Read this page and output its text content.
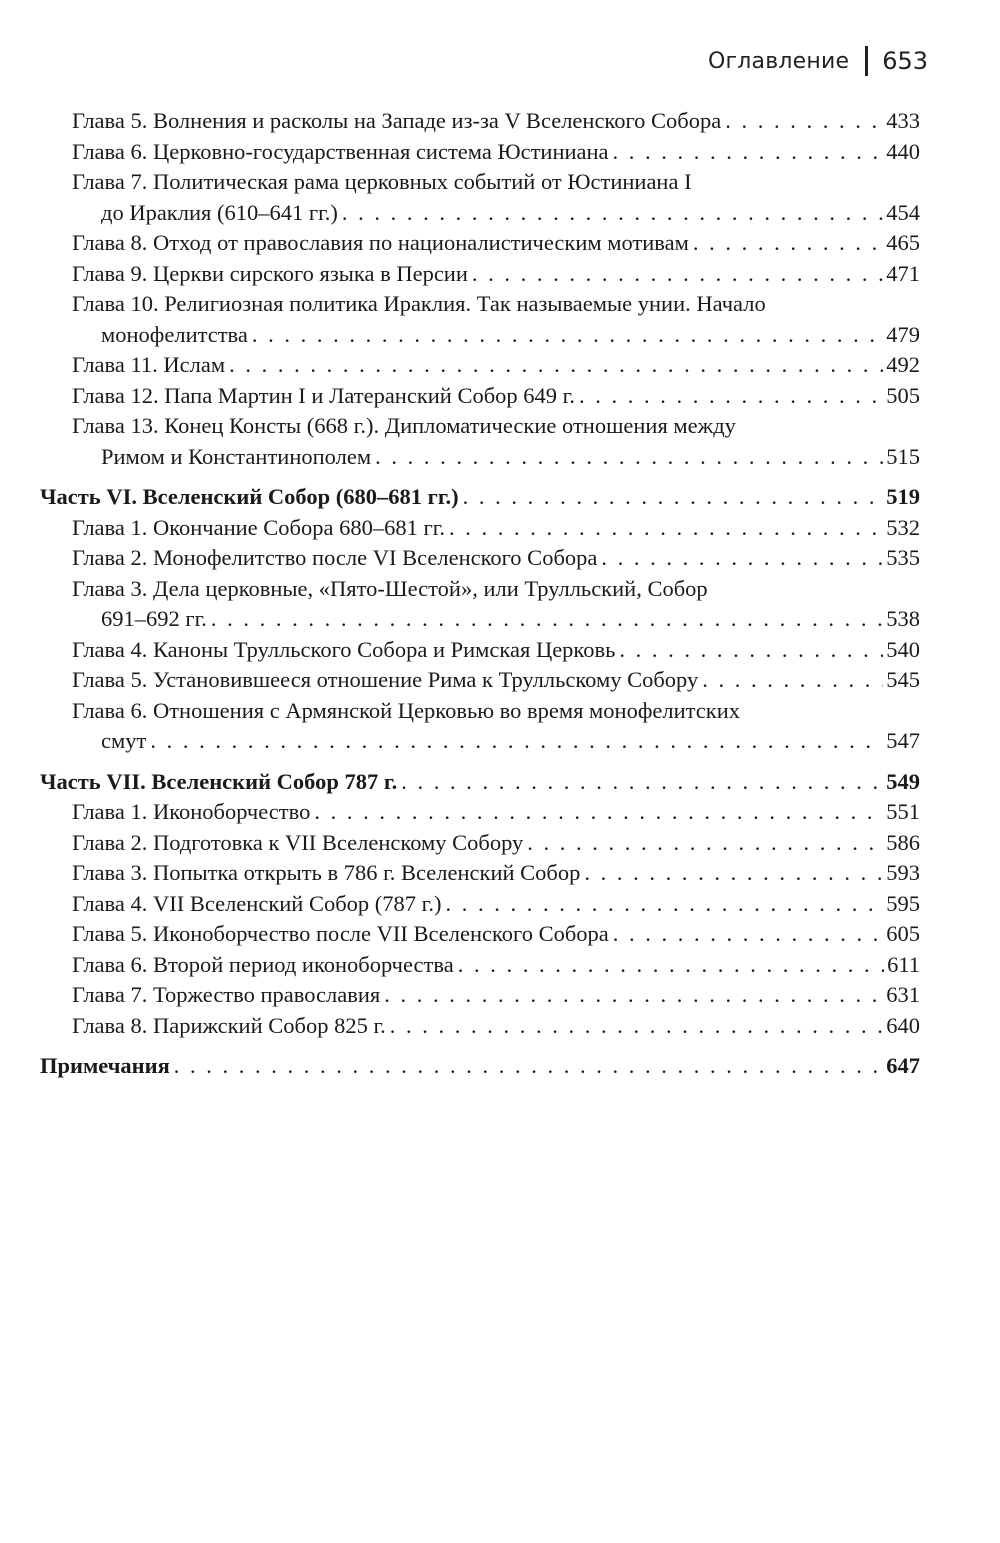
Оглавление 653
Глава 5. Волнения и расколы на Западе из-за V Вселенского Собора . . .	433
Глава 6. Церковно-государственная система Юстиниана . . .	440
Глава 7. Политическая рама церковных событий от Юстиниана I
до Ираклия (610–641 гг.) . . .	454
Глава 8. Отход от православия по националистическим мотивам . . .	465
Глава 9. Церкви сирского языка в Персии . . .	471
Глава 10. Религиозная политика Ираклия. Так называемые унии. Начало
монофелитства . . .	479
Глава 11. Ислам . . .	492
Глава 12. Папа Мартин I и Латеранский Собор 649 г. . . .	505
Глава 13. Конец Консты (668 г.). Дипломатические отношения между
Римом и Константинополем . . .	515
Часть VI. Вселенский Собор (680–681 гг.) . . .	519
Глава 1. Окончание Собора 680–681 гг. . . .	532
Глава 2. Монофелитство после VI Вселенского Собора . . .	535
Глава 3. Дела церковные, «Пято-Шестой», или Трулльский, Собор
691–692 гг. . . .	538
Глава 4. Каноны Трулльского Собора и Римская Церковь . . .	540
Глава 5. Установившееся отношение Рима к Трулльскому Собору . . .	545
Глава 6. Отношения с Армянской Церковью во время монофелитских
смут . . .	547
Часть VII. Вселенский Собор 787 г. . . .	549
Глава 1. Иконоборчество . . .	551
Глава 2. Подготовка к VII Вселенскому Собору . . .	586
Глава 3. Попытка открыть в 786 г. Вселенский Собор . . .	593
Глава 4. VII Вселенский Собор (787 г.) . . .	595
Глава 5. Иконоборчество после VII Вселенского Собора . . .	605
Глава 6. Второй период иконоборчества . . .	611
Глава 7. Торжество православия . . .	631
Глава 8. Парижский Собор 825 г. . . .	640
Примечания . . .	647
